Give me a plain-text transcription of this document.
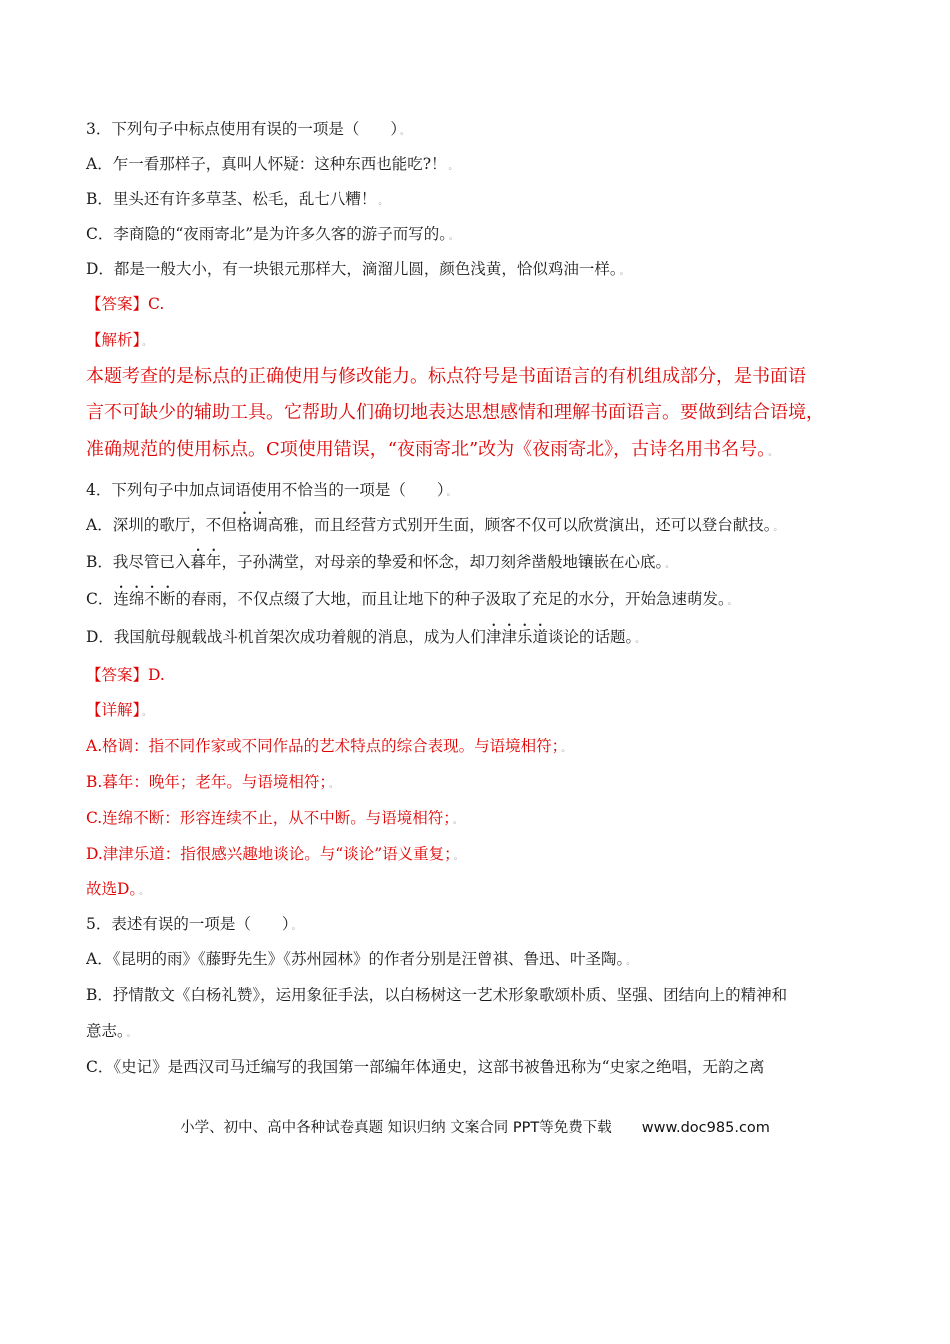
3．下列句子中标点使用有误的一项是（　　） 。
A．乍一看那样子，真叫人怀疑：这种东西也能吃?！ 。
B．里头还有许多草茎、松毛，乱七八糟！ 。
C．李商隐的“夜雨寄北”是为许多久客的游子而写的。 。
D．都是一般大小，有一块银元那样大，滴溜儿圆，颜色浅黄，恰似鸡油一样。 。
【答案】C.
【解析】 。
本题考查的是标点的正确使用与修改能力。标点符号是书面语言的有机组成部分，是书面语
言不可缺少的辅助工具。它帮助人们确切地表达思想感情和理解书面语言。要做到结合语境，
准确规范的使用标点。C项使用错误，“夜雨寄北”改为《夜雨寄北》，古诗名用书名号。 。
4．下列句子中加点词语使用不恰当的一项是（　　） 。
A．深圳的歌厅，不但格调高雅，而且经营方式别开生面，顾客不仅可以欣赏演出，还可以登台献技。 。
B．我尽管已入暮年，子孙满堂，对母亲的挚爱和怀念，却刀刻斧凿般地镶嵌在心底。 。
C．连绵不断的春雨，不仅点缀了大地，而且让地下的种子汲取了充足的水分，开始急速萌发。 。
D．我国航母舰载战斗机首架次成功着舰的消息，成为人们津津乐道谈论的话题。 。
【答案】D.
【详解】 。
A.格调：指不同作家或不同作品的艺术特点的综合表现。与语境相符； 。
B.暮年：晚年；老年。与语境相符； 。
C.连绵不断：形容连续不止，从不中断。与语境相符； 。
D.津津乐道：指很感兴趣地谈论。与“谈论”语义重复； 。
故选D。 。
5．表述有误的一项是（　　） 。
A．《昆明的雨》《藤野先生》《苏州园林》的作者分别是汪曾祺、鲁迅、叶圣陶。 。
B．抒情散文《白杨礼赞》，运用象征手法，以白杨树这一艺术形象歌颂朴质、坚强、团结向上的精神和
意志。 。
C．《史记》是西汉司马迁编写的我国第一部编年体通史，这部书被鲁迅称为“史家之绝唱，无韵之离
小学、初中、高中各种试卷真题 知识归纳 文案合同 PPT等免费下载 www.doc985.com
